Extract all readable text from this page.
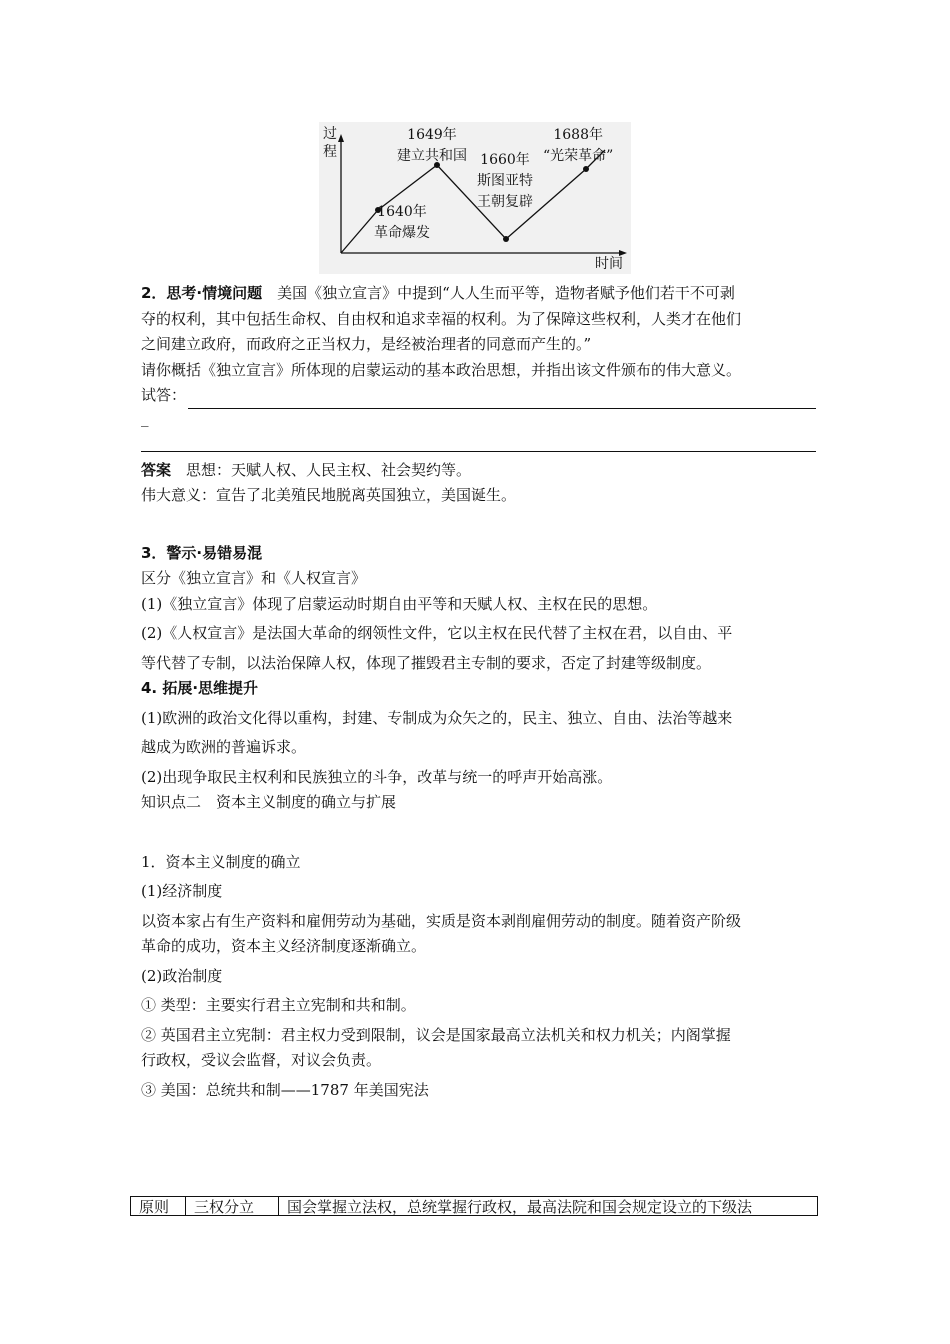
过
程
时间
1640年
革命爆发
1649年
建立共和国 1660年
斯图亚特
王朝复辟
1688年
“光荣革命”

2．思考·情境问题　 美国《独立宣言》中提到“人人生而平等，造物者赋予他们若干不可剥

夺的权利，其中包括生命权、自由权和追求幸福的权利。为了保障这些权利，人类才在他们

之间建立政府，而政府之正当权力，是经被治理者的同意而产生的。”

请你概括《独立宣言》所体现的启蒙运动的基本政治思想，并指出该文件颁布的伟大意义。

试答：
_

答案　 思想：天赋人权、人民主权、社会契约等。

伟大意义：宣告了北美殖民地脱离英国独立，美国诞生。

3．警示·易错易混

区分《独立宣言》和《人权宣言》

(1)《独立宣言》体现了启蒙运动时期自由平等和天赋人权、主权在民的思想。

(2)《人权宣言》是法国大革命的纲领性文件，它以主权在民代替了主权在君，以自由、平

等代替了专制，以法治保障人权，体现了摧毁君主专制的要求，否定了封建等级制度。

4. 拓展·思维提升

(1)欧洲的政治文化得以重构，封建、专制成为众矢之的，民主、独立、自由、法治等越来

越成为欧洲的普遍诉求。

(2)出现争取民主权利和民族独立的斗争，改革与统一的呼声开始高涨。

知识点二　资本主义制度的确立与扩展

1．资本主义制度的确立

(1)经济制度

以资本家占有生产资料和雇佣劳动为基础，实质是资本剥削雇佣劳动的制度。随着资产阶级

革命的成功，资本主义经济制度逐渐确立。

(2)政治制度

① 类型：主要实行君主立宪制和共和制。

② 英国君主立宪制：君主权力受到限制，议会是国家最高立法机关和权力机关；内阁掌握

行政权，受议会监督，对议会负责。

③ 美国：总统共和制——1787 年美国宪法

原则	三权分立	国会掌握立法权，总统掌握行政权，最高法院和国会规定设立的下级法
